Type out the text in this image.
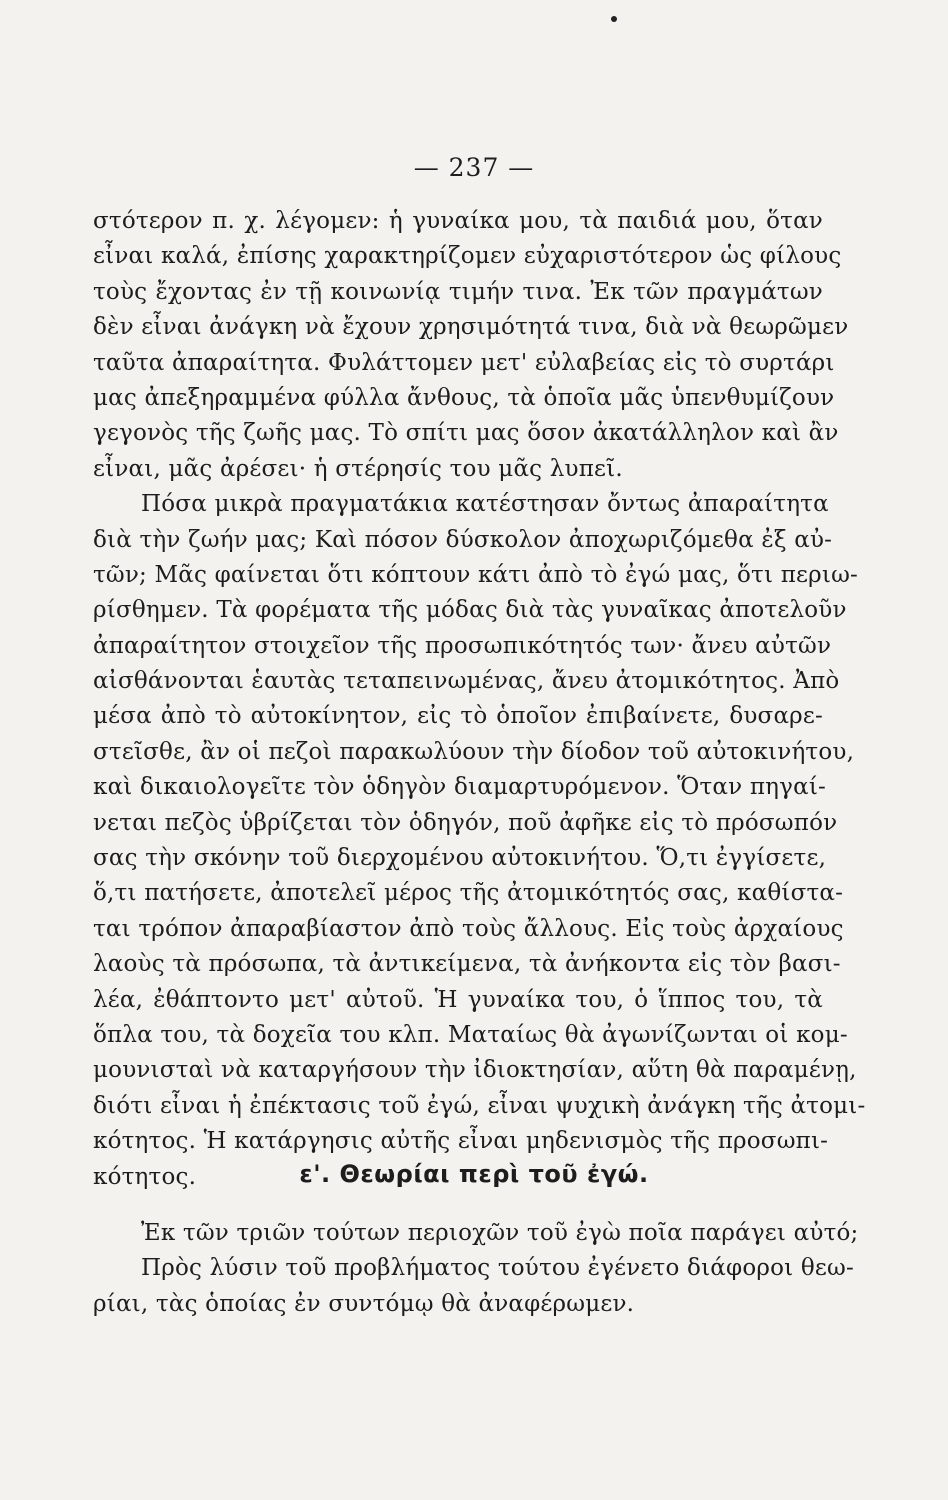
— 237 —
στότερον π. χ. λέγομεν: ἡ γυναίκα μου, τὰ παιδιά μου, ὅταν
εἶναι καλά, ἐπίσης χαρακτηρίζομεν εὐχαριστότερον ὡς φίλους
τοὺς ἔχοντας ἐν τῇ κοινωνίᾳ τιμήν τινα. Ἐκ τῶν πραγμάτων
δὲν εἶναι ἀνάγκη νὰ ἔχουν χρησιμότητά τινα, διὰ νὰ θεωρῶμεν
ταῦτα ἀπαραίτητα. Φυλάττομεν μετ' εὐλαβείας εἰς τὸ συρτάρι
μας ἀπεξηραμμένα φύλλα ἄνθους, τὰ ὁποῖα μᾶς ὑπενθυμίζουν
γεγονὸς τῆς ζωῆς μας. Τὸ σπίτι μας ὅσον ἀκατάλληλον καὶ ἂν
εἶναι, μᾶς ἀρέσει· ἡ στέρησίς του μᾶς λυπεῖ.
Πόσα μικρὰ πραγματάκια κατέστησαν ὄντως ἀπαραίτητα
διὰ τὴν ζωήν μας; Καὶ πόσον δύσκολον ἀποχωριζόμεθα ἐξ αὐ-
τῶν; Μᾶς φαίνεται ὅτι κόπτουν κάτι ἀπὸ τὸ ἐγώ μας, ὅτι περιω-
ρίσθημεν. Τὰ φορέματα τῆς μόδας διὰ τὰς γυναῖκας ἀποτελοῦν
ἀπαραίτητον στοιχεῖον τῆς προσωπικότητός των· ἄνευ αὐτῶν
αἰσθάνονται ἑαυτὰς τεταπεινωμένας, ἄνευ ἀτομικότητος. Ἀπὸ
μέσα ἀπὸ τὸ αὐτοκίνητον, εἰς τὸ ὁποῖον ἐπιβαίνετε, δυσαρε-
στεῖσθε, ἂν οἱ πεζοὶ παρακωλύουν τὴν δίοδον τοῦ αὐτοκινήτου,
καὶ δικαιολογεῖτε τὸν ὁδηγὸν διαμαρτυρόμενον. Ὅταν πηγαί-
νεται πεζὸς ὑβρίζεται τὸν ὁδηγόν, ποῦ ἀφῆκε εἰς τὸ πρόσωπόν
σας τὴν σκόνην τοῦ διερχομένου αὐτοκινήτου. Ὅ,τι ἐγγίσετε,
ὅ,τι πατήσετε, ἀποτελεῖ μέρος τῆς ἀτομικότητός σας, καθίστα-
ται τρόπον ἀπαραβίαστον ἀπὸ τοὺς ἄλλους. Εἰς τοὺς ἀρχαίους
λαοὺς τὰ πρόσωπα, τὰ ἀντικείμενα, τὰ ἀνήκοντα εἰς τὸν βασι-
λέα, ἐθάπτοντο μετ' αὐτοῦ. Ἡ γυναίκα του, ὁ ἵππος του, τὰ
ὅπλα του, τὰ δοχεῖα του κλπ. Ματαίως θὰ ἀγωνίζωνται οἱ κομ-
μουνισταὶ νὰ καταργήσουν τὴν ἰδιοκτησίαν, αὕτη θὰ παραμένῃ,
διότι εἶναι ἡ ἐπέκτασις τοῦ ἐγώ, εἶναι ψυχικὴ ἀνάγκη τῆς ἀτομι-
κότητος. Ἡ κατάργησις αὐτῆς εἶναι μηδενισμὸς τῆς προσωπι-
κότητος.	ε'. Θεωρίαι περὶ τοῦ ἐγώ.
Ἐκ τῶν τριῶν τούτων περιοχῶν τοῦ ἐγὼ ποῖα παράγει αὐτό;
Πρὸς λύσιν τοῦ προβλήματος τούτου ἐγένετο διάφοροι θεω-
ρίαι, τὰς ὁποίας ἐν συντόμῳ θὰ ἀναφέρωμεν.
